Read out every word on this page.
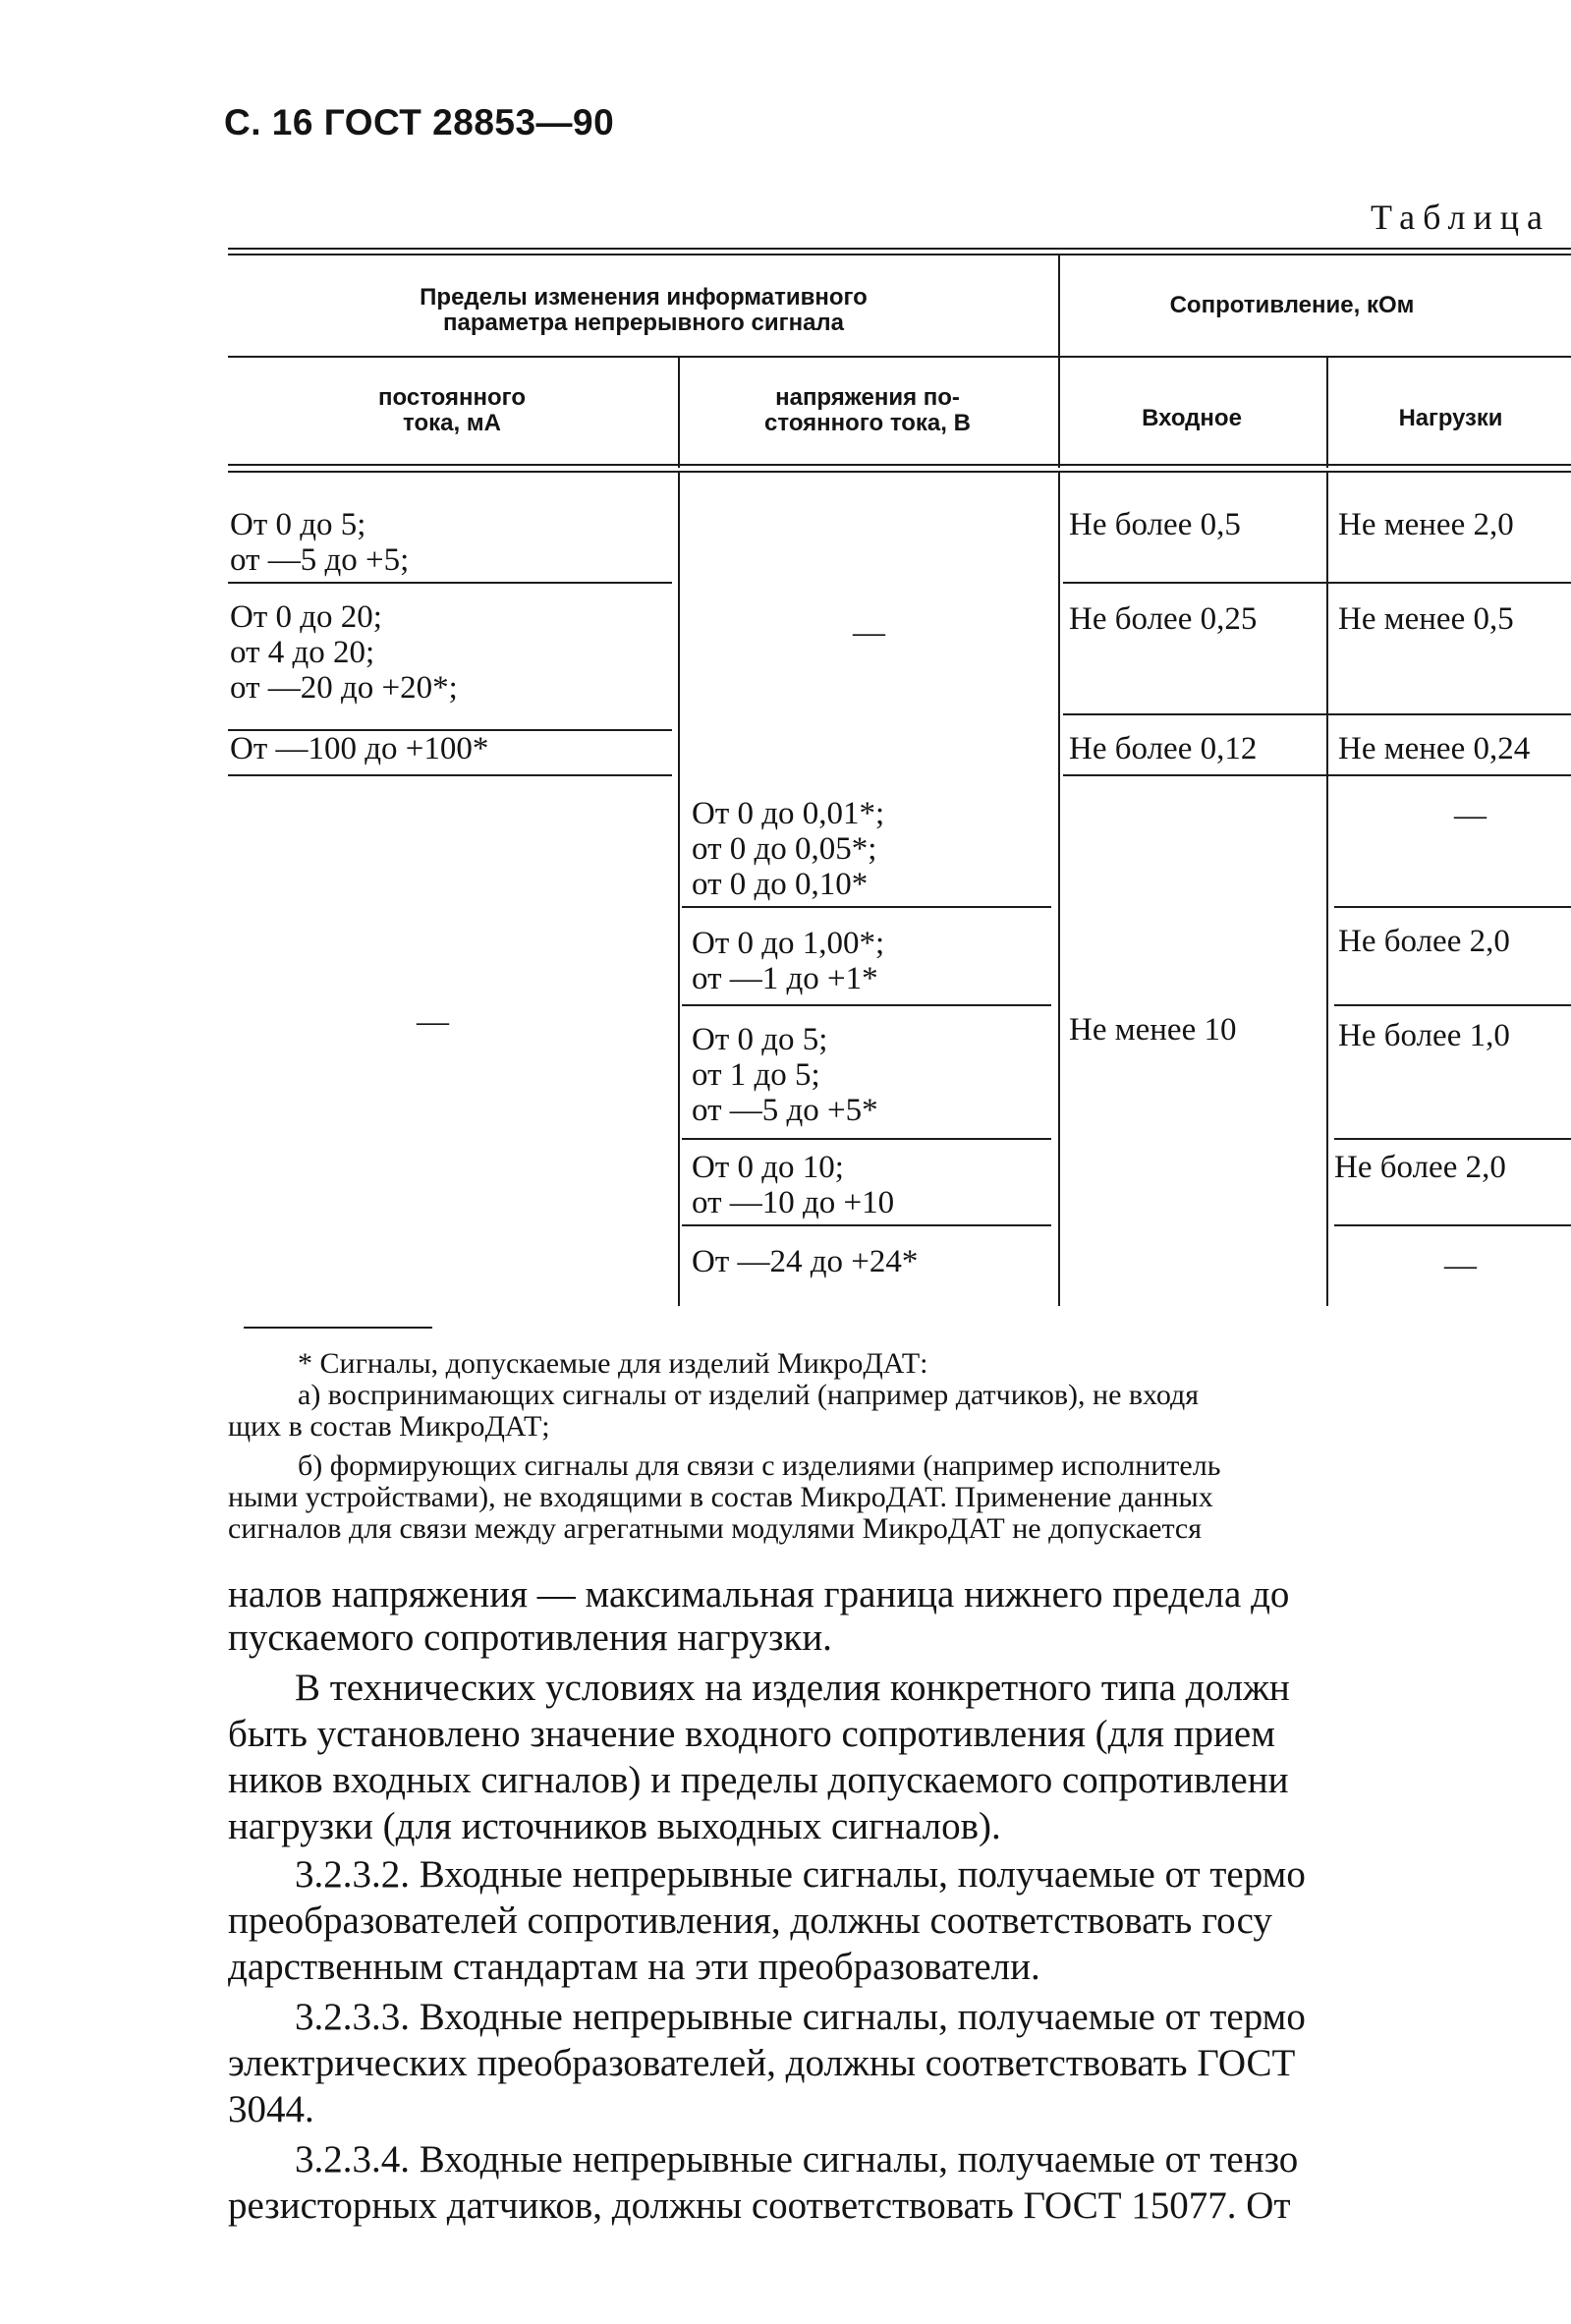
С. 16 ГОСТ 28853—90
Таблица
Пределы изменения информативного
параметра непрерывного сигнала
Сопротивление, кОм
постоянного
тока, мА
напряжения по-
стоянного тока, В	Входное	Нагрузки
От 0 до 5;
от —5 до +5;
От 0 до 20;
от 4 до 20;
от —20 до +20*;
От —100 до +100*
—
Не более 0,5
Не более 0,25
Не более 0,12
Не менее 2,0
Не менее 0,5
Не менее 0,24
—
От 0 до 0,01*;
от 0 до 0,05*;
от 0 до 0,10*
От 0 до 1,00*;
от —1 до +1*
От 0 до 5;
от 1 до 5;
от —5 до +5*
От 0 до 10;
от —10 до +10
От —24 до +24*
Не менее 10
—
Не более 2,0
Не более 1,0
Не более 2,0
—
* Сигналы, допускаемые для изделий МикроДАТ:
а) воспринимающих сигналы от изделий (например датчиков), не входя
щих в состав МикроДАТ;
б) формирующих сигналы для связи с изделиями (например исполнитель
ными устройствами), не входящими в состав МикроДАТ. Применение данных
сигналов для связи между агрегатными модулями МикроДАТ не допускается
налов напряжения — максимальная граница нижнего предела до
пускаемого сопротивления нагрузки.
В технических условиях на изделия конкретного типа должн
быть установлено значение входного сопротивления (для прием
ников входных сигналов) и пределы допускаемого сопротивлени
нагрузки (для источников выходных сигналов).
3.2.3.2. Входные непрерывные сигналы, получаемые от термо
преобразователей сопротивления, должны соответствовать госу
дарственным стандартам на эти преобразователи.
3.2.3.3. Входные непрерывные сигналы, получаемые от термо
электрических преобразователей, должны соответствовать ГОСТ
3044.
3.2.3.4. Входные непрерывные сигналы, получаемые от тензо
резисторных датчиков, должны соответствовать ГОСТ 15077. От
